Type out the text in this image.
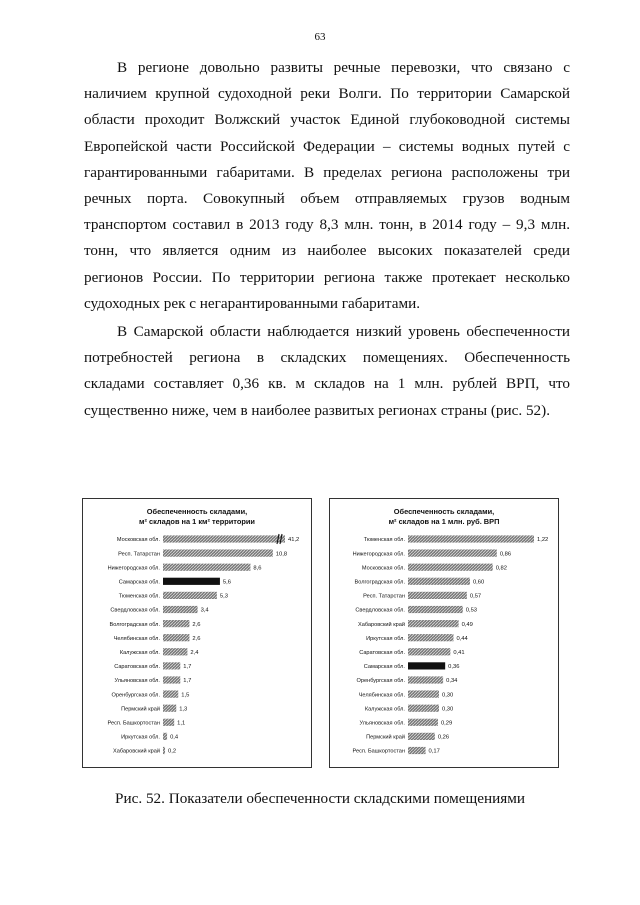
63

В регионе довольно развиты речные перевозки, что связано с наличием крупной судоходной реки Волги. По территории Самарской области проходит Волжский участок Единой глубоководной системы Европейской части Российской Федерации – системы водных путей с гарантированными габаритами. В пределах региона расположены три речных порта. Совокупный объем отправляемых грузов водным транспортом составил в 2013 году 8,3 млн. тонн, в 2014 году – 9,3 млн. тонн, что является одним из наиболее высоких показателей среди регионов России. По территории региона также протекает несколько судоходных рек с негарантированными габаритами.

В Самарской области наблюдается низкий уровень обеспеченности потребностей региона в складских помещениях. Обеспеченность складами составляет 0,36 кв. м складов на 1 млн. рублей ВРП, что существенно ниже, чем в наиболее развитых регионах страны (рис. 52).

Обеспеченность складами,
м² складов на 1 км² территории
Московская обл.	41,2
Респ. Татарстан	10,8
Нижегородская обл.	8,6
Самарская обл.	5,6
Тюменская обл.	5,3
Свердловская обл.	3,4
Волгоградская обл.	2,6
Челябинская обл.	2,6
Калужская обл.	2,4
Саратовская обл.	1,7
Ульяновская обл.	1,7
Оренбургская обл.	1,5
Пермский край	1,3
Респ. Башкортостан	1,1
Иркутская обл. 0,4
Хабаровский край 0,2
Обеспеченность складами,
м² складов на 1 млн. руб. ВРП
Тюменская обл.	1,22
Нижегородская обл.	0,86
Московская обл.	0,82
Волгоградская обл.	0,60
Респ. Татарстан	0,57
Свердловская обл.	0,53
Хабаровский край	0,49
Иркутская обл.	0,44
Саратовская обл.	0,41
Самарская обл.	0,36
Оренбургская обл.	0,34
Челябинская обл.	0,30
Калужская обл.	0,30
Ульяновская обл.	0,29
Пермский край	0,26
Респ. Башкортостан	0,17
Рис. 52. Показатели обеспеченности складскими помещениями
